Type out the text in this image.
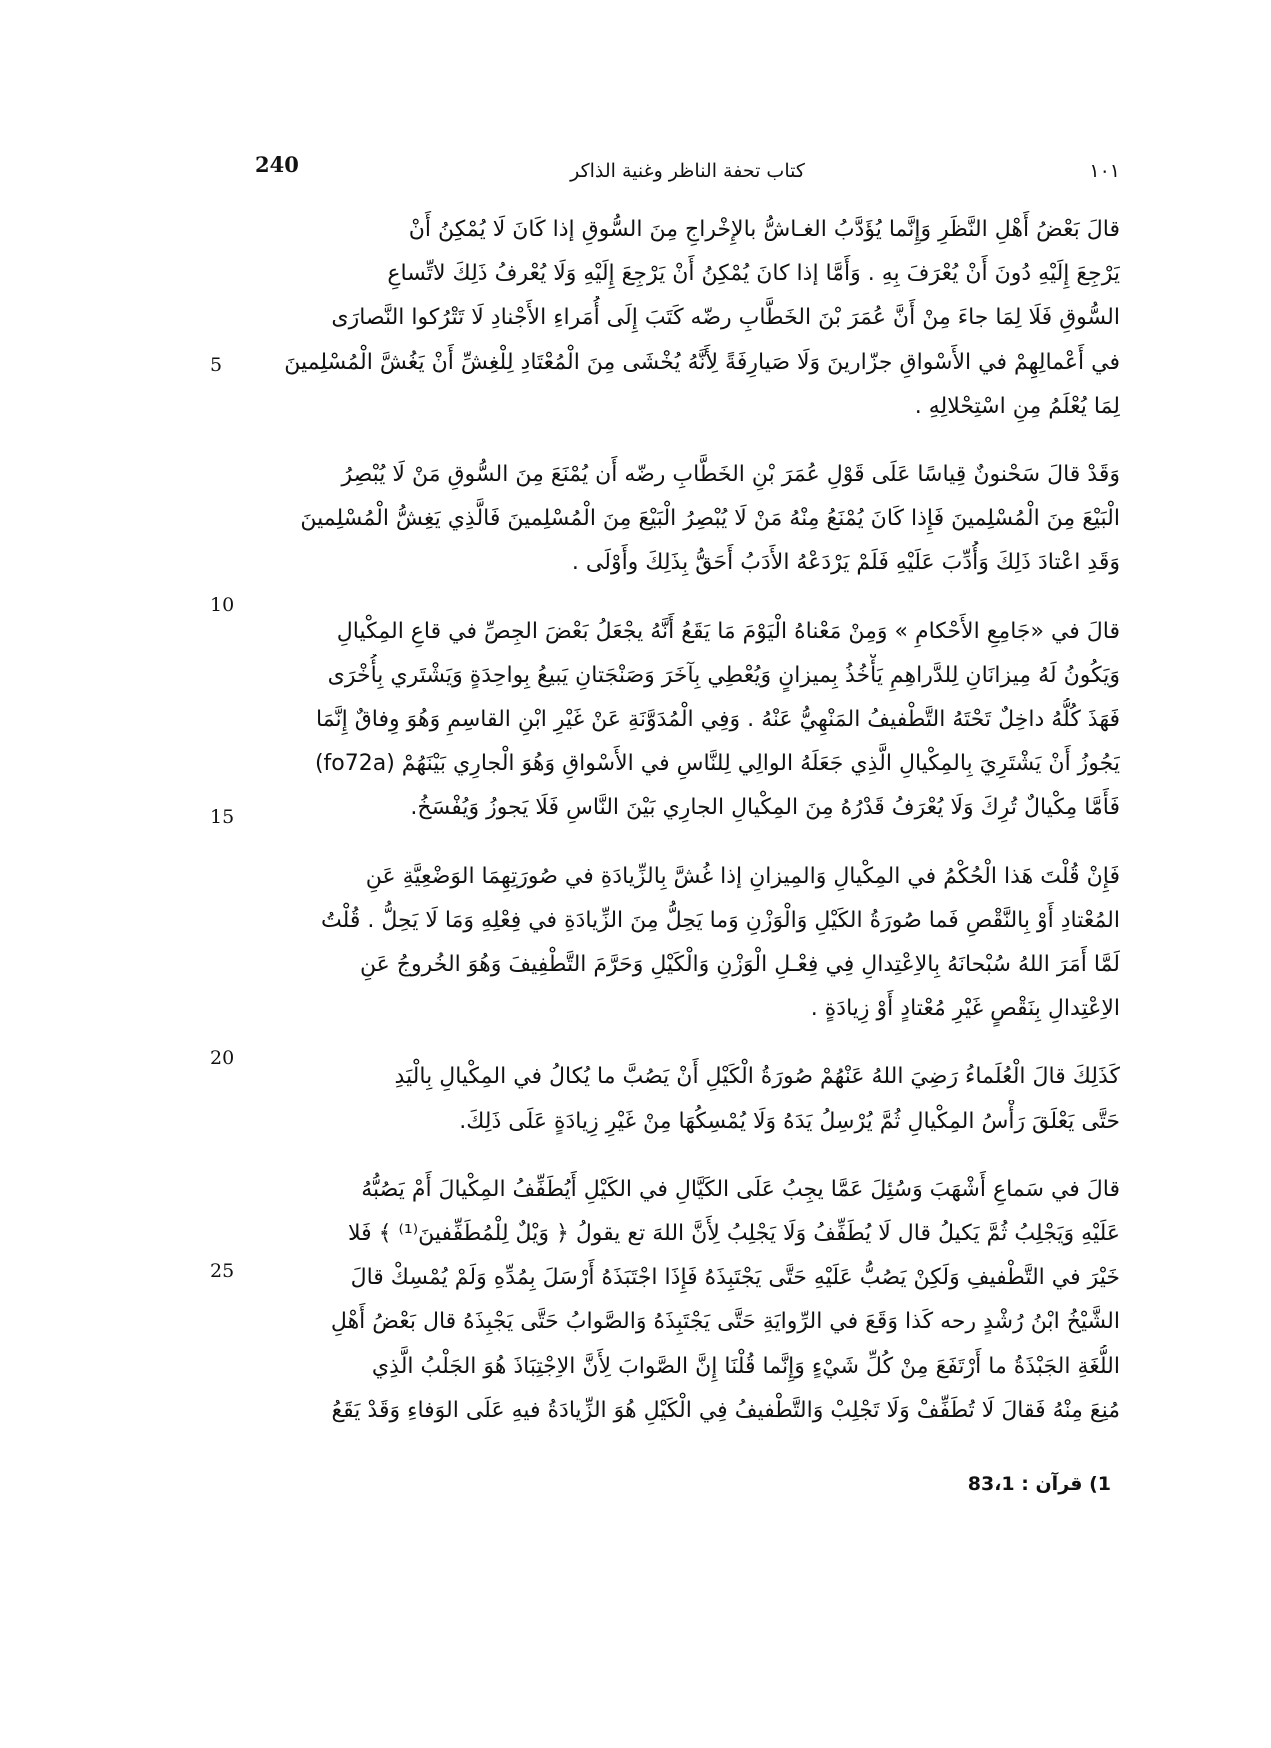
240	كتاب تحفة الناظر وغنية الذاكر	١٠١
5
10
15
20
25
قالَ بَعْضُ أَهْلِ النَّظَرِ وَإِنَّما يُؤَدَّبُ الغـاشُّ بالإِخْراجِ مِنَ السُّوقِ إذا كَانَ لَا يُمْكِنُ أَنْ
يَرْجِعَ إِلَيْهِ دُونَ أَنْ يُعْرَفَ بِهِ . وَأَمَّا إذا كانَ يُمْكِنُ أَنْ يَرْجِعَ إِلَيْهِ وَلَا يُعْرفُ ذَلِكَ لاتِّساعِ
السُّوقِ فَلَا لِمَا جاءَ مِنْ أَنَّ عُمَرَ بْنَ الخَطَّابِ رضّه كَتَبَ إِلَى أُمَراءِ الأَجْنادِ لَا تَتْرُكوا النَّصارَى
في أَعْمالِهِمْ في الأَسْواقِ جزّارينَ وَلَا صَيارِفَةً لِأَنَّهُ يُخْشَى مِنَ الْمُعْتَادِ لِلْغِشِّ أَنْ يَغُشَّ الْمُسْلِمينَ
لِمَا يُعْلَمُ مِنِ اسْتِحْلالِهِ .
وَقَدْ قالَ سَحْنونٌ قِياسًا عَلَى قَوْلِ عُمَرَ بْنِ الخَطَّابِ رضّه أَن يُمْنَعَ مِنَ السُّوقِ مَنْ لَا يُبْصِرُ
الْبَيْعَ مِنَ الْمُسْلِمينَ فَإِذا كَانَ يُمْنَعُ مِنْهُ مَنْ لَا يُبْصِرُ الْبَيْعَ مِنَ الْمُسْلِمينَ فَالَّذِي يَغِشُّ الْمُسْلِمينَ
وَقَدِ اعْتادَ ذَلِكَ وَأُدِّبَ عَلَيْهِ فَلَمْ يَرْدَعْهُ الأَدَبُ أَحَقُّ بِذَلِكَ وأَوْلَى .
قالَ في «جَامِعِ الأَحْكامِ » وَمِنْ مَعْناهُ الْيَوْمَ مَا يَقَعُ أَنَّهُ يجْعَلُ بَعْضَ الجِصِّ في قاعِ المِكْيالِ
وَيَكُونُ لَهُ مِيزانَانِ لِلدَّراهِمِ يَأْخُذُ بِميزانٍ وَيُعْطِي بِآخَرَ وَصَنْجَتانِ يَبيعُ بِواحِدَةٍ وَيَشْتَري بِأُخْرَى
فَهَذَ كُلُّهُ داخِلٌ تَحْتَهُ التَّطْفيفُ المَنْهِيُّ عَنْهُ . وَفِي الْمُدَوَّنَةِ عَنْ غَيْرِ ابْنِ القاسِمِ وَهُوَ وِفاقٌ إِنَّمَا
يَجُوزُ أَنْ يَشْتَرِيَ بِالمِكْيالِ الَّذِي جَعَلَهُ الوالِي لِلنَّاسِ في الأَسْواقِ وَهُوَ الْجارِي بَيْنَهُمْ (fo72a)
فَأَمَّا مِكْيالٌ تُرِكَ وَلَا يُعْرَفُ قَدْرُهُ مِنَ المِكْيالِ الجارِي بَيْنَ النَّاسِ فَلَا يَجوزُ وَيُفْسَخُ.
فَإِنْ قُلْتَ هَذا الْحُكْمُ في المِكْيالِ وَالمِيزانِ إذا غُشَّ بِالزِّيادَةِ في صُورَتِهِمَا الوَضْعِيَّةِ عَنِ
المُعْتادِ أَوْ بِالنَّقْصِ فَما صُورَةُ الكَيْلِ وَالْوَزْنِ وَما يَحِلُّ مِنَ الزِّيادَةِ في فِعْلِهِ وَمَا لَا يَحِلُّ . قُلْتُ
لَمَّا أَمَرَ اللهُ سُبْحانَهُ بِالاِعْتِدالِ فِي فِعْـلِ الْوَزْنِ وَالْكَيْلِ وَحَرَّمَ التَّطْفِيفَ وَهُوَ الخُروجُ عَنِ
الاِعْتِدالِ بِنَقْصٍ غَيْرِ مُعْتادٍ أَوْ زِيادَةٍ .
كَذَلِكَ قالَ الْعُلَماءُ رَضِيَ اللهُ عَنْهُمْ صُورَةُ الْكَيْلِ أَنْ يَصُبَّ ما يُكالُ في المِكْيالِ بِالْيَدِ
حَتَّى يَعْلَقَ رَأْسُ المِكْيالِ ثُمَّ يُرْسِلُ يَدَهُ وَلَا يُمْسِكُهَا مِنْ غَيْرِ زِيادَةٍ عَلَى ذَلِكَ.
قالَ في سَماعِ أَشْهَبَ وَسُئِلَ عَمَّا يجِبُ عَلَى الكَيَّالِ في الكَيْلِ أَيُطَفِّفُ المِكْيالَ أَمْ يَصُبُّهُ
عَلَيْهِ وَيَجْلِبُ ثُمَّ يَكيلُ قال لَا يُطَفِّفُ وَلَا يَجْلِبُ لِأَنَّ اللهَ تع يقولُ ﴿ وَيْلٌ لِلْمُطَفِّفينَ⁽¹⁾ ﴾ فَلا
خَيْرَ في التَّطْفيفِ وَلَكِنْ يَصُبُّ عَلَيْهِ حَتَّى يَجْتَبِذَهُ فَإِذَا اجْتَبَذَهُ أَرْسَلَ بِمُدِّهِ وَلَمْ يُمْسِكْ قالَ
الشَّيْخُ ابْنُ رُشْدٍ رحه كَذا وَقَعَ في الرِّوايَةِ حَتَّى يَجْتَبِذَهُ وَالصَّوابُ حَتَّى يَجْبِذَهُ قال بَعْضُ أَهْلِ
اللُّغَةِ الجَبْذَةُ ما أَرْتَفَعَ مِنْ كُلِّ شَيْءٍ وَإِنَّما قُلْنَا إِنَّ الصَّوابَ لِأَنَّ الاِجْتِبَاذَ هُوَ الجَلْبُ الَّذِي
مُنِعَ مِنْهُ فَقالَ لَا تُطَفِّفْ وَلَا تَجْلِبْ وَالتَّطْفيفُ فِي الْكَيْلِ هُوَ الزِّيادَةُ فيهِ عَلَى الوَفاءِ وَقَدْ يَقَعُ
1) قرآن : 83،1
